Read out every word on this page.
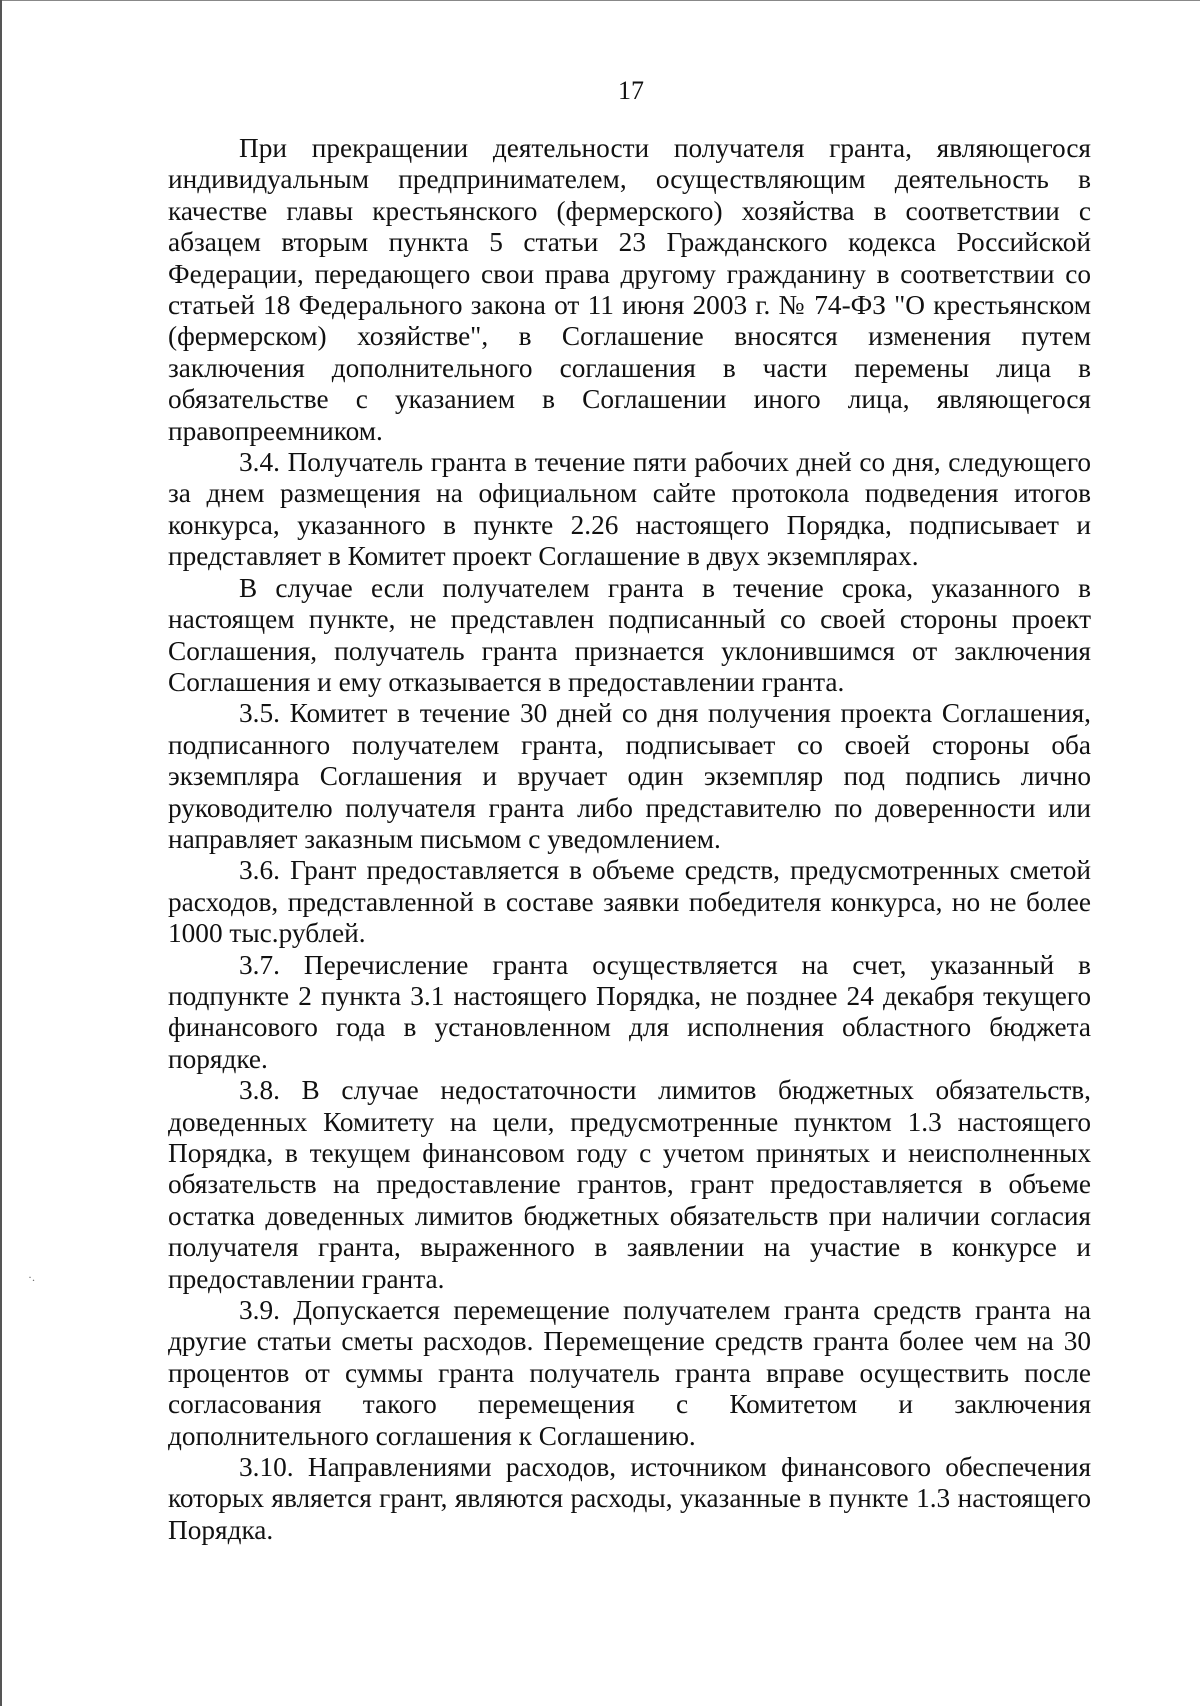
·.
17

При прекращении деятельности получателя гранта, являющегося индивидуальным предпринимателем, осуществляющим деятельность в качестве главы крестьянского (фермерского) хозяйства в соответствии с абзацем вторым пункта 5 статьи 23 Гражданского кодекса Российской Федерации, передающего свои права другому гражданину в соответствии со статьей 18 Федерального закона от 11 июня 2003 г. № 74-ФЗ "О крестьянском (фермерском) хозяйстве", в Соглашение вносятся изменения путем заключения дополнительного соглашения в части перемены лица в обязательстве с указанием в Соглашении иного лица, являющегося правопреемником.

3.4. Получатель гранта в течение пяти рабочих дней со дня, следующего за днем размещения на официальном сайте протокола подведения итогов конкурса, указанного в пункте 2.26 настоящего Порядка, подписывает и представляет в Комитет проект Соглашение в двух экземплярах.

В случае если получателем гранта в течение срока, указанного в настоящем пункте, не представлен подписанный со своей стороны проект Соглашения, получатель гранта признается уклонившимся от заключения Соглашения и ему отказывается в предоставлении гранта.

3.5. Комитет в течение 30 дней со дня получения проекта Соглашения, подписанного получателем гранта, подписывает со своей стороны оба экземпляра Соглашения и вручает один экземпляр под подпись лично руководителю получателя гранта либо представителю по доверенности или направляет заказным письмом с уведомлением.

3.6. Грант предоставляется в объеме средств, предусмотренных сметой расходов, представленной в составе заявки победителя конкурса, но не более 1000 тыс.рублей.

3.7. Перечисление гранта осуществляется на счет, указанный в подпункте 2 пункта 3.1 настоящего Порядка, не позднее 24 декабря текущего финансового года в установленном для исполнения областного бюджета порядке.

3.8. В случае недостаточности лимитов бюджетных обязательств, доведенных Комитету на цели, предусмотренные пунктом 1.3 настоящего Порядка, в текущем финансовом году с учетом принятых и неисполненных обязательств на предоставление грантов, грант предоставляется в объеме остатка доведенных лимитов бюджетных обязательств при наличии согласия получателя гранта, выраженного в заявлении на участие в конкурсе и предоставлении гранта.

3.9. Допускается перемещение получателем гранта средств гранта на другие статьи сметы расходов. Перемещение средств гранта более чем на 30 процентов от суммы гранта получатель гранта вправе осуществить после согласования такого перемещения с Комитетом и заключения дополнительного соглашения к Соглашению.

3.10. Направлениями расходов, источником финансового обеспечения которых является грант, являются расходы, указанные в пункте 1.3 настоящего Порядка.
